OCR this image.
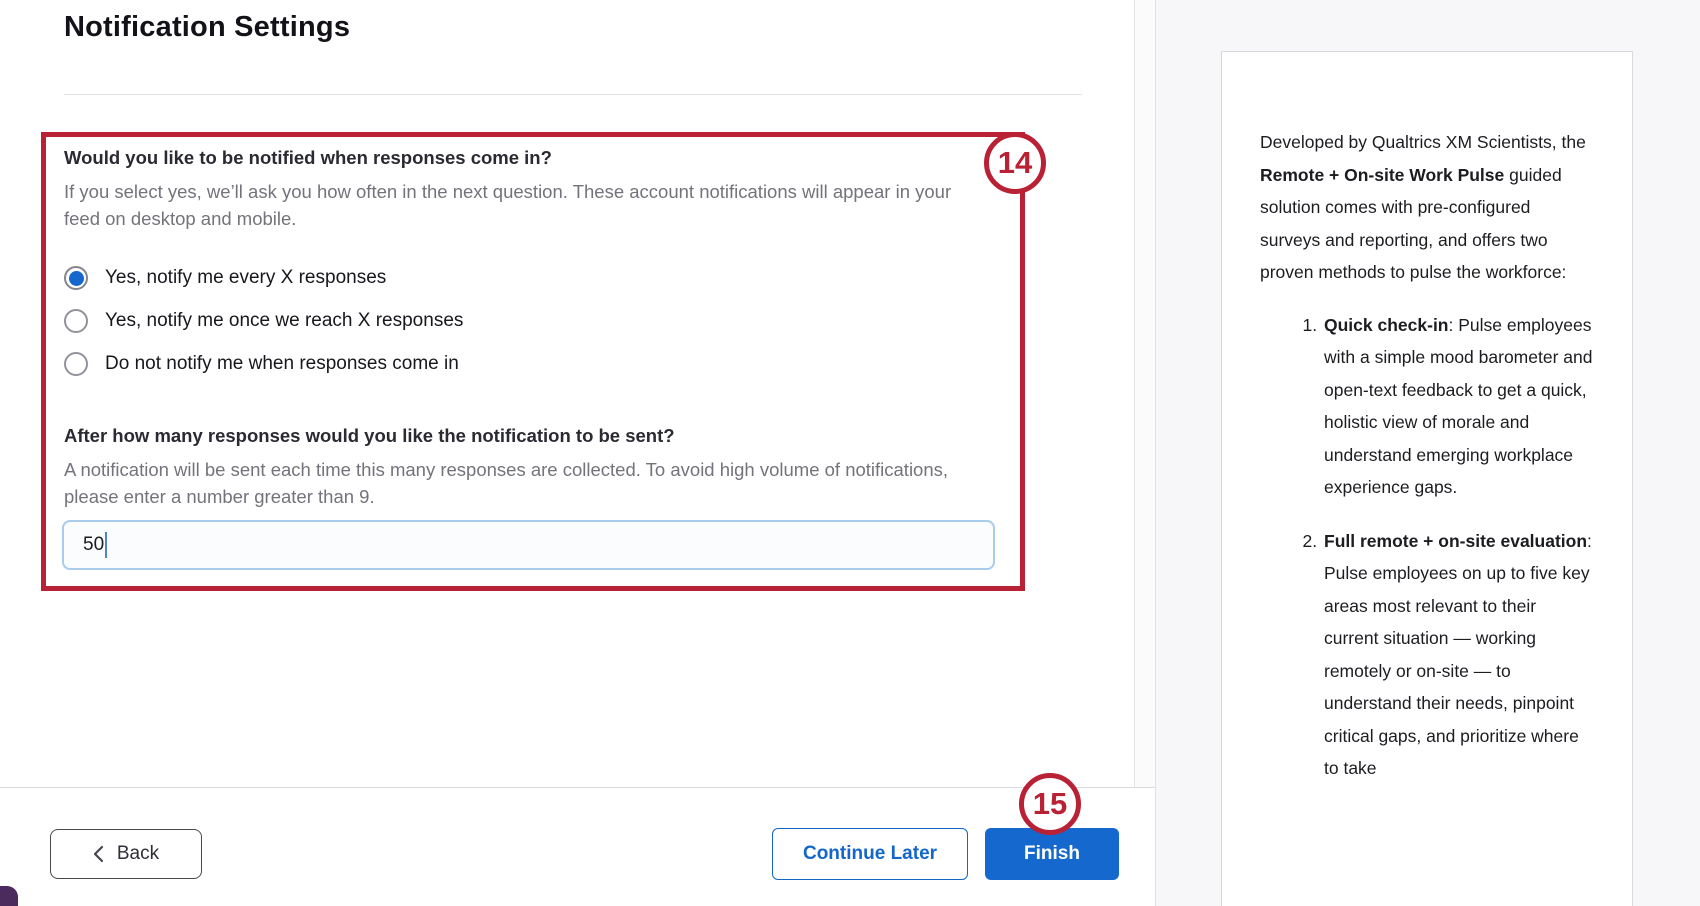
Notification Settings
Would you like to be notified when responses come in?
If you select yes, we’ll ask you how often in the next question. These account notifications will appear in your feed on desktop and mobile.
Yes, notify me every X responses
Yes, notify me once we reach X responses
Do not notify me when responses come in
After how many responses would you like the notification to be sent?
A notification will be sent each time this many responses are collected. To avoid high volume of notifications, please enter a number greater than 9.
50
14
15
Back	Continue Later	Finish
Developed by Qualtrics XM Scientists, the Remote + On-site Work Pulse guided solution comes with pre-configured surveys and reporting, and offers two proven methods to pulse the workforce:
1. Quick check-in: Pulse employees with a simple mood barometer and open-text feedback to get a quick, holistic view of morale and understand emerging workplace experience gaps.
2. Full remote + on-site evaluation: Pulse employees on up to five key areas most relevant to their current situation — working remotely or on-site — to understand their needs, pinpoint critical gaps, and prioritize where to take
